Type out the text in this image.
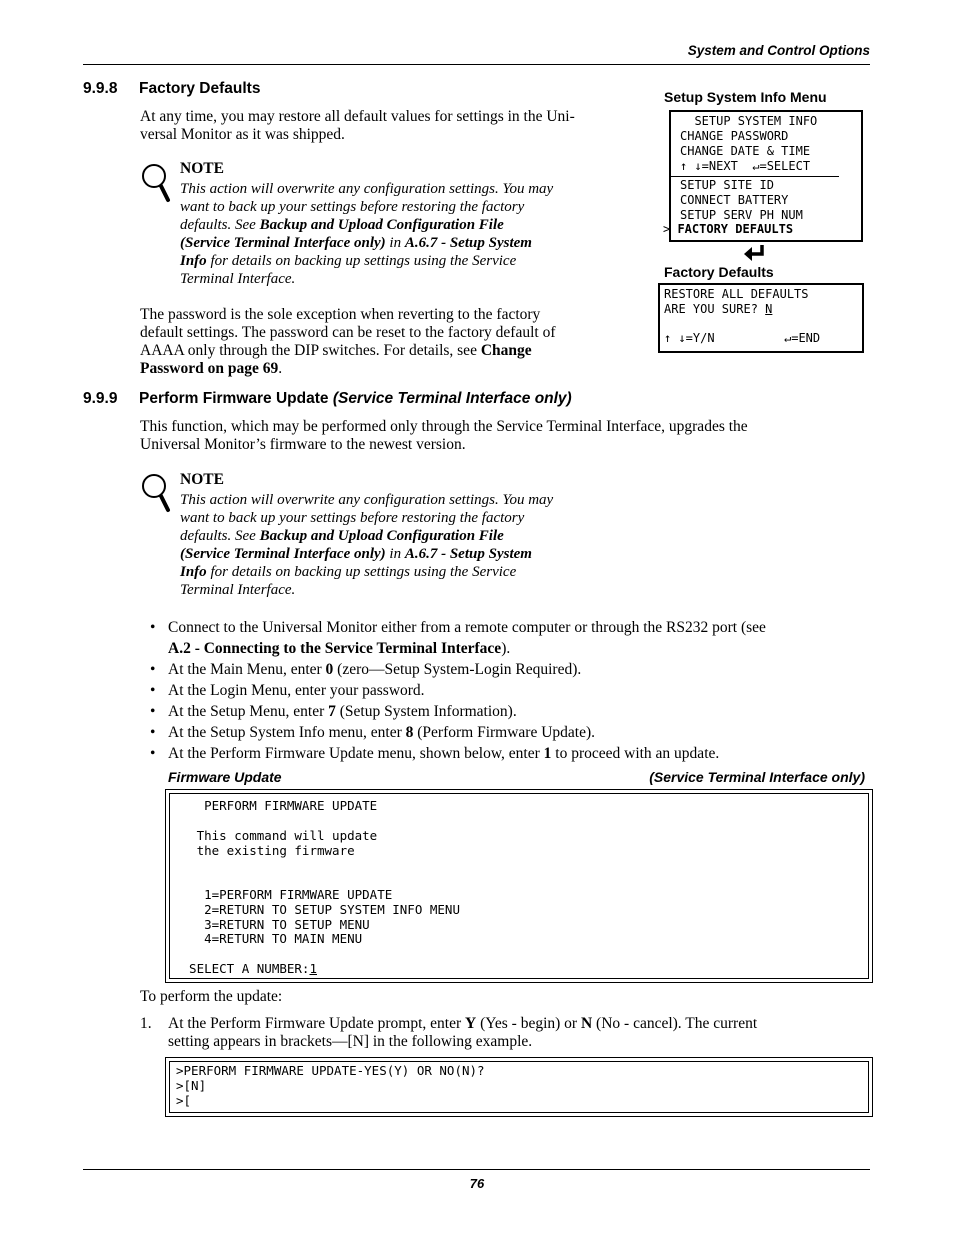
System and Control Options
9.9.8 Factory Defaults
At any time, you may restore all default values for settings in the Uni-
versal Monitor as it was shipped.
NOTE
This action will overwrite any configuration settings. You may
want to back up your settings before restoring the factory
defaults. See Backup and Upload Configuration File
(Service Terminal Interface only) in A.6.7 - Setup System
Info for details on backing up settings using the Service
Terminal Interface.
The password is the sole exception when reverting to the factory
default settings. The password can be reset to the factory default of
AAAA only through the DIP switches. For details, see Change
Password on page 69.
Setup System Info Menu
SETUP SYSTEM INFO
CHANGE PASSWORD
CHANGE DATE & TIME
↑ ↓=NEXT  ↵=SELECT
SETUP SITE ID
CONNECT BATTERY
SETUP SERV PH NUM
> FACTORY DEFAULTS
Factory Defaults
RESTORE ALL DEFAULTS
ARE YOU SURE? N
↑ ↓=Y/N	↵=END
9.9.9 Perform Firmware Update (Service Terminal Interface only)
This function, which may be performed only through the Service Terminal Interface, upgrades the
Universal Monitor’s firmware to the newest version.
NOTE
This action will overwrite any configuration settings. You may
want to back up your settings before restoring the factory
defaults. See Backup and Upload Configuration File
(Service Terminal Interface only) in A.6.7 - Setup System
Info for details on backing up settings using the Service
Terminal Interface.
• Connect to the Universal Monitor either from a remote computer or through the RS232 port (see
A.2 - Connecting to the Service Terminal Interface).
• At the Main Menu, enter 0 (zero—Setup System-Login Required).
• At the Login Menu, enter your password.
• At the Setup Menu, enter 7 (Setup System Information).
• At the Setup System Info menu, enter 8 (Perform Firmware Update).
• At the Perform Firmware Update menu, shown below, enter 1 to proceed with an update.
Firmware Update	(Service Terminal Interface only)
PERFORM FIRMWARE UPDATE
This command will update
the existing firmware
1=PERFORM FIRMWARE UPDATE
2=RETURN TO SETUP SYSTEM INFO MENU
3=RETURN TO SETUP MENU
4=RETURN TO MAIN MENU
SELECT A NUMBER:1
To perform the update:
1. At the Perform Firmware Update prompt, enter Y (Yes - begin) or N (No - cancel). The current
setting appears in brackets—[N] in the following example.
>PERFORM FIRMWARE UPDATE-YES(Y) OR NO(N)?
>[N]
>[
76
